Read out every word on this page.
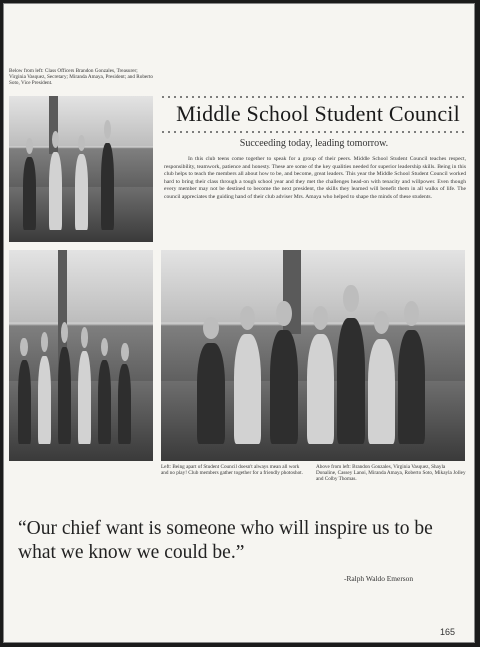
Below from left: Class Officers Brandon Gonzales, Treasurer; Virginia Vasquez, Secretary; Miranda Amaya, President; and Roberto Soto, Vice President.
Middle School Student Council
Succeeding today, leading tomorrow.
In this club teens come together to speak for a group of their peers. Middle School Student Council teaches respect, responsibility, teamwork, patience and honesty. These are some of the key qualities needed for superior leadership skills. Being in this club helps to teach the members all about how to be, and become, great leaders. This year the Middle School Student Council worked hard to bring their class through a tough school year and they met the challenges head-on with tenacity and willpower. Even though every member may not be destined to become the next president, the skills they learned will benefit them in all walks of life. The council appreciates the guiding hand of their club adviser Mrs. Amaya who helped to shape the minds of these students.
Left: Being apart of Student Council doesn't always mean all work and no play! Club members gather together for a friendly photoshot.
Above from left: Brandon Gonzales, Virginia Vasquez, Shayla Donaline, Cassey Lanoi, Miranda Amaya, Roberto Soto, Mikayla Jolley and Colby Thomas.
“Our chief want is someone who will inspire us to be what we know we could be.”
-Ralph Waldo Emerson
165
